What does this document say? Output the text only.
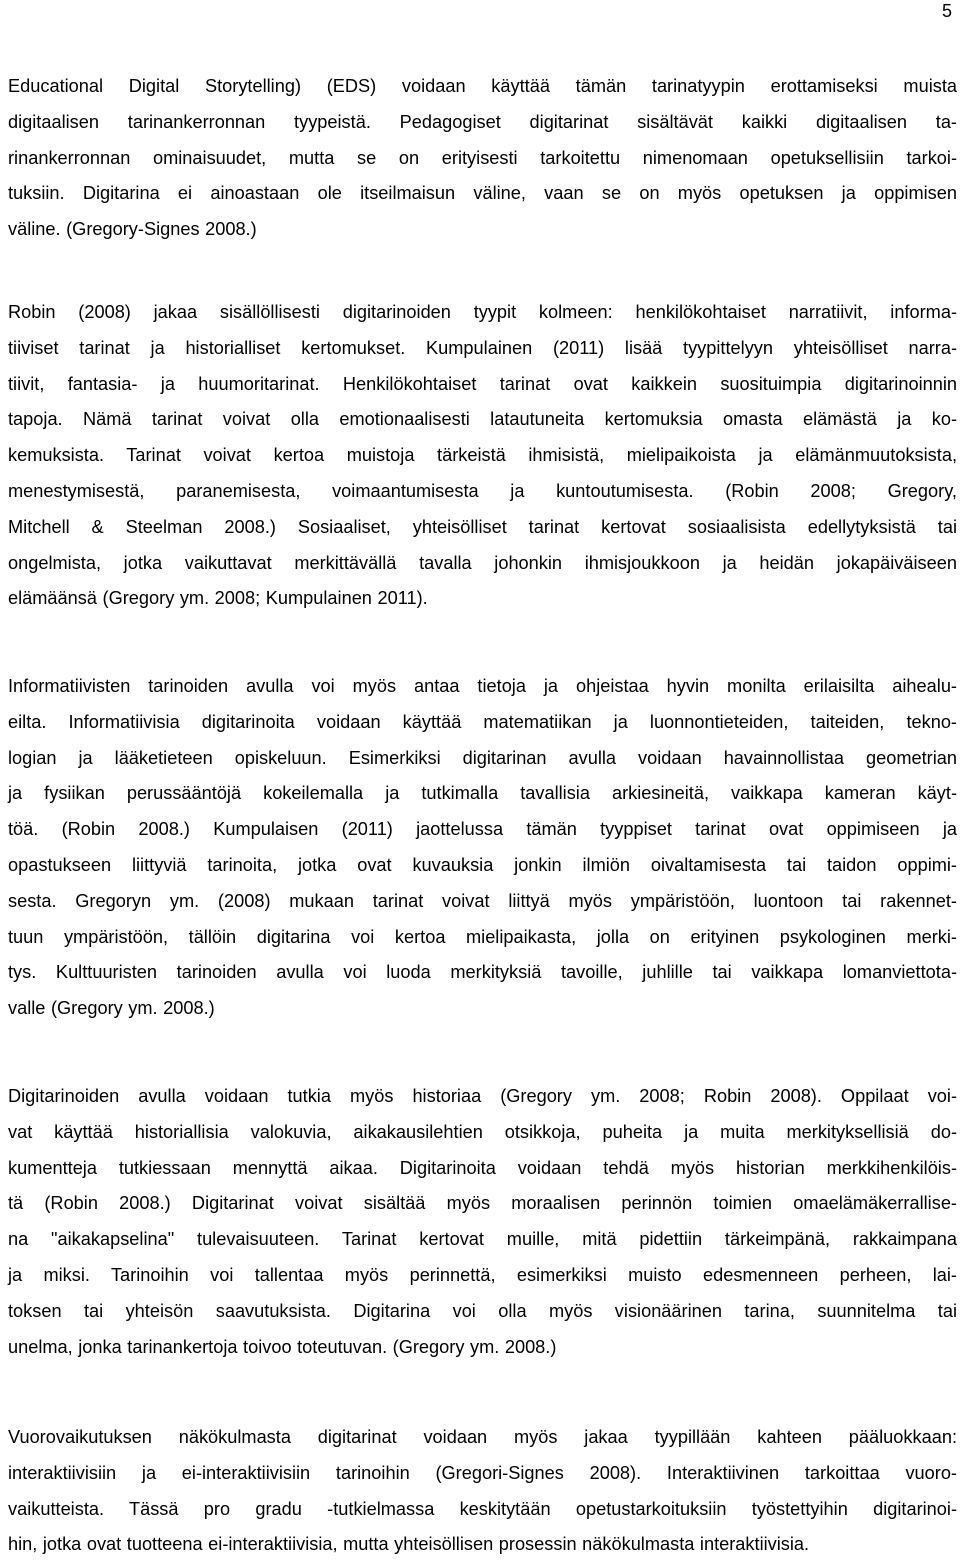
5
Educational Digital Storytelling) (EDS) voidaan käyttää tämän tarinatyypin erottamiseksi muista
digitaalisen tarinankerronnan tyypeistä. Pedagogiset digitarinat sisältävät kaikki digitaalisen ta-
rinankerronnan ominaisuudet, mutta se on erityisesti tarkoitettu nimenomaan opetuksellisiin tarkoi-
tuksiin. Digitarina ei ainoastaan ole itseilmaisun väline, vaan se on myös opetuksen ja oppimisen
väline. (Gregory-Signes 2008.)
Robin (2008) jakaa sisällöllisesti digitarinoiden tyypit kolmeen: henkilökohtaiset narratiivit, informa-
tiiviset tarinat ja historialliset kertomukset. Kumpulainen (2011) lisää tyypittelyyn yhteisölliset narra-
tiivit, fantasia- ja huumoritarinat. Henkilökohtaiset tarinat ovat kaikkein suosituimpia digitarinoinnin
tapoja. Nämä tarinat voivat olla emotionaalisesti latautuneita kertomuksia omasta elämästä ja ko-
kemuksista. Tarinat voivat kertoa muistoja tärkeistä ihmisistä, mielipaikoista ja elämänmuutoksista,
menestymisestä, paranemisesta, voimaantumisesta ja kuntoutumisesta. (Robin 2008; Gregory,
Mitchell & Steelman 2008.) Sosiaaliset, yhteisölliset tarinat kertovat sosiaalisista edellytyksistä tai
ongelmista, jotka vaikuttavat merkittävällä tavalla johonkin ihmisjoukkoon ja heidän jokapäiväiseen
elämäänsä (Gregory ym. 2008; Kumpulainen 2011).
Informatiivisten tarinoiden avulla voi myös antaa tietoja ja ohjeistaa hyvin monilta erilaisilta aihealu-
eilta. Informatiivisia digitarinoita voidaan käyttää matematiikan ja luonnontieteiden, taiteiden, tekno-
logian ja lääketieteen opiskeluun. Esimerkiksi digitarinan avulla voidaan havainnollistaa geometrian
ja fysiikan perussääntöjä kokeilemalla ja tutkimalla tavallisia arkiesineitä, vaikkapa kameran käyt-
töä. (Robin 2008.) Kumpulaisen (2011) jaottelussa tämän tyyppiset tarinat ovat oppimiseen ja
opastukseen liittyviä tarinoita, jotka ovat kuvauksia jonkin ilmiön oivaltamisesta tai taidon oppimi-
sesta. Gregoryn ym. (2008) mukaan tarinat voivat liittyä myös ympäristöön, luontoon tai rakennet-
tuun ympäristöön, tällöin digitarina voi kertoa mielipaikasta, jolla on erityinen psykologinen merki-
tys. Kulttuuristen tarinoiden avulla voi luoda merkityksiä tavoille, juhlille tai vaikkapa lomanviettota-
valle (Gregory ym. 2008.)
Digitarinoiden avulla voidaan tutkia myös historiaa (Gregory ym. 2008; Robin 2008). Oppilaat voi-
vat käyttää historiallisia valokuvia, aikakausilehtien otsikkoja, puheita ja muita merkityksellisiä do-
kumentteja tutkiessaan mennyttä aikaa. Digitarinoita voidaan tehdä myös historian merkkihenkilöis-
tä (Robin 2008.) Digitarinat voivat sisältää myös moraalisen perinnön toimien omaelämäkerrallise-
na "aikakapselina" tulevaisuuteen. Tarinat kertovat muille, mitä pidettiin tärkeimpänä, rakkaimpana
ja miksi. Tarinoihin voi tallentaa myös perinnettä, esimerkiksi muisto edesmenneen perheen, lai-
toksen tai yhteisön saavutuksista. Digitarina voi olla myös visionäärinen tarina, suunnitelma tai
unelma, jonka tarinankertoja toivoo toteutuvan. (Gregory ym. 2008.)
Vuorovaikutuksen näkökulmasta digitarinat voidaan myös jakaa tyypillään kahteen pääluokkaan:
interaktiivisiin ja ei-interaktiivisiin tarinoihin (Gregori-Signes 2008). Interaktiivinen tarkoittaa vuoro-
vaikutteista. Tässä pro gradu -tutkielmassa keskitytään opetustarkoituksiin työstettyihin digitarinoi-
hin, jotka ovat tuotteena ei-interaktiivisia, mutta yhteisöllisen prosessin näkökulmasta interaktiivisia.
